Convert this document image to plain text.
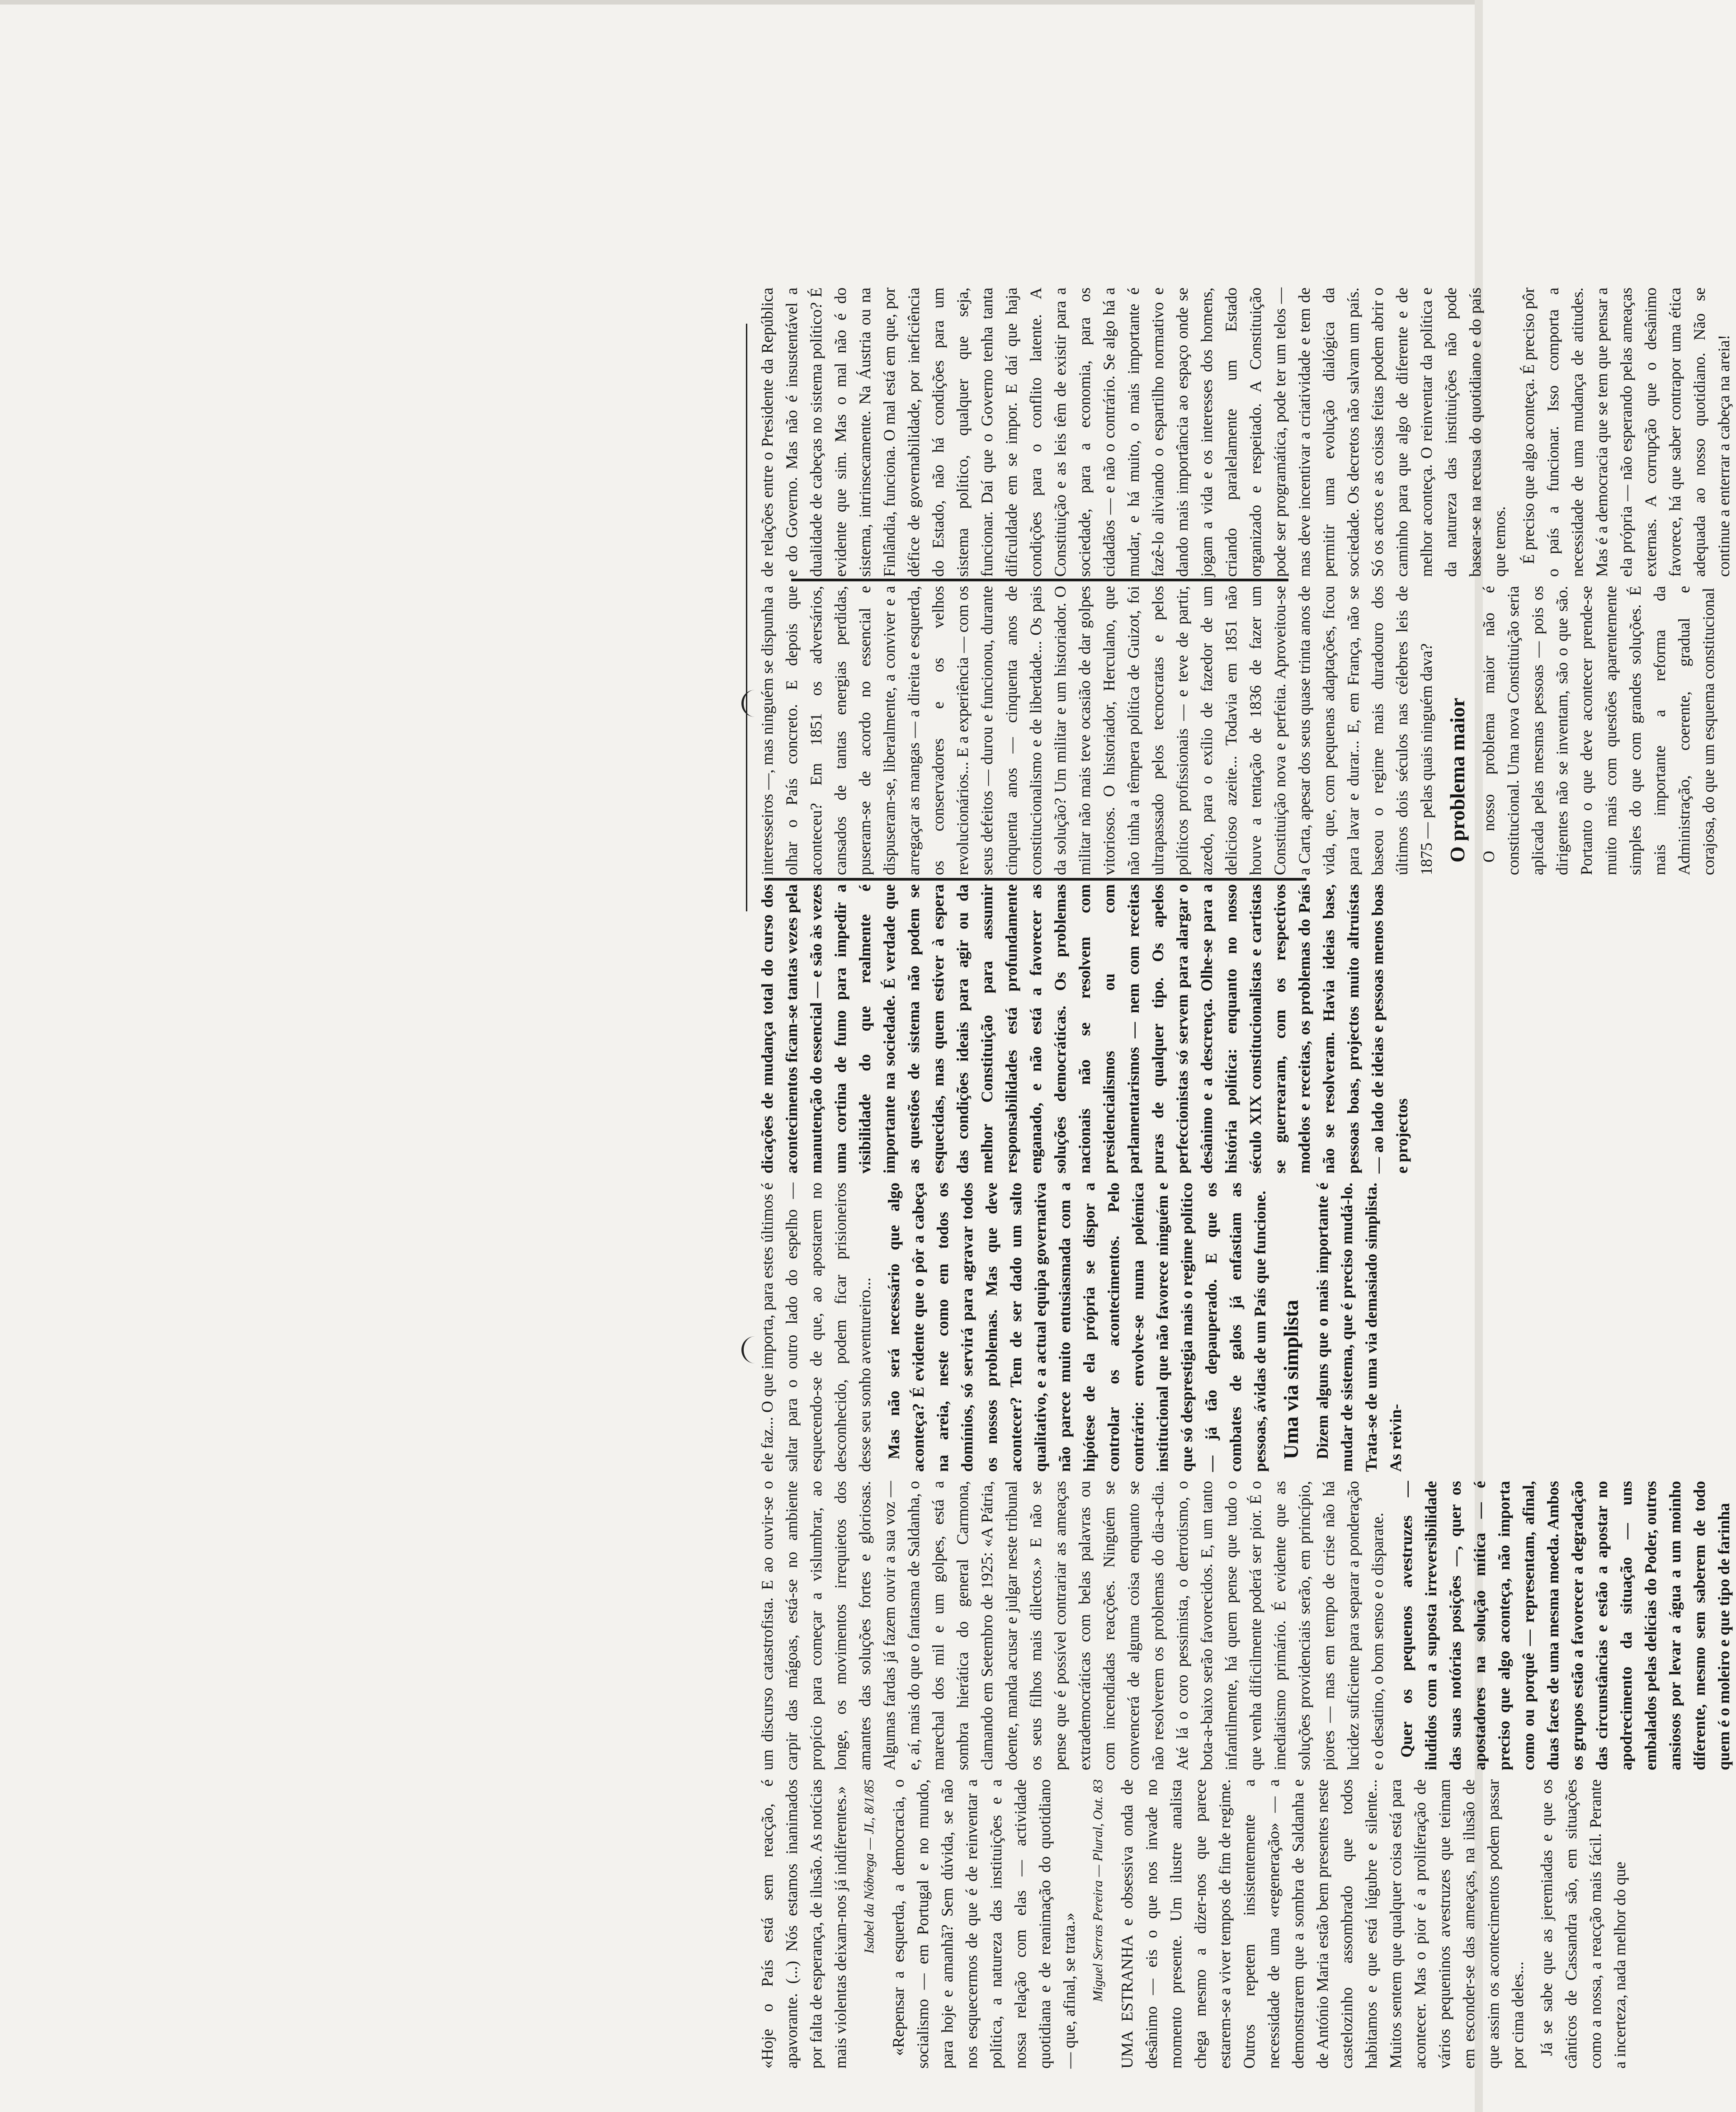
«Hoje o País está sem reacção, é apavorante. (...) Nós estamos inanimados por falta de esperança, de ilusão. As notícias mais violentas deixam-nos já indiferentes.» Isabel da Nóbrega — JL, 8/1/85 «Repensar a esquerda, a democracia, o socialismo — em Portugal e no mundo, para hoje e amanhã? Sem dúvida, se não nos esquecermos de que é de reinventar a política, a natureza das instituições e a nossa relação com elas — actividade quotidiana e de reanimação do quotidiano — que, afinal, se trata.» Miguel Serras Pereira — Plural, Out. 83 UMA ESTRANHA e obsessiva onda de desânimo — eis o que nos invade no momento presente. Um ilustre analista chega mesmo a dizer-nos que parece estarem-se a viver tempos de fim de regime. Outros repetem insistentemente a necessidade de uma «regeneração» — a demonstrarem que a sombra de Saldanha e de António Maria estão bem presentes neste castelozinho assombrado que todos habitamos e que está lúgubre e silente... Muitos sentem que qualquer coisa está para acontecer. Mas o pior é a proliferação de vários pequeninos avestruzes que teimam em esconder-se das ameaças, na ilusão de que assim os acontecimentos podem passar por cima deles... Já se sabe que as jeremiadas e que os cânticos de Cassandra são, em situações como a nossa, a reacção mais fácil. Perante a incerteza, nada melhor do que

um discurso catastrofista. E ao ouvir-se o carpir das mágoas, está-se no ambiente propício para começar a vislumbrar, ao longe, os movimentos irrequietos dos amantes das soluções fortes e gloriosas. Algumas fardas já fazem ouvir a sua voz — e, aí, mais do que o fantasma de Saldanha, o marechal dos mil e um golpes, está a sombra hierática do general Carmona, clamando em Setembro de 1925: «A Pátria, doente, manda acusar e julgar neste tribunal os seus filhos mais dilectos.» E não se pense que é possível contrariar as ameaças extrademocráticas com belas palavras ou com incendiadas reacções. Ninguém se convencerá de alguma coisa enquanto se não resolverem os problemas do dia-a-dia. Até lá o coro pessimista, o derrotismo, o bota-a-baixo serão favorecidos. E, um tanto infantilmente, há quem pense que tudo o que venha dificilmente poderá ser pior. É o imediatismo primário. É evidente que as soluções providenciais serão, em princípio, piores — mas em tempo de crise não há lucidez suficiente para separar a ponderação e o desatino, o bom senso e o disparate. Quer os pequenos avestruzes — iludidos com a suposta irreversibilidade das suas notórias posições —, quer os apostadores na solução mítica — é preciso que algo aconteça, não importa como ou porquê — representam, afinal, duas faces de uma mesma moeda. Ambos os grupos estão a favorecer a degradação das circunstâncias e estão a apostar no apodrecimento da situação — uns embalados pelas delícias do Poder, outros ansiosos por levar a água a um moinho diferente, mesmo sem saberem de todo quem é o moleiro e que tipo de farinha

ele faz... O que importa, para estes últimos é saltar para o outro lado do espelho — esquecendo-se de que, ao apostarem no desconhecido, podem ficar prisioneiros desse seu sonho aventureiro... Mas não será necessário que algo aconteça? É evidente que o pôr a cabeça na areia, neste como em todos os domínios, só servirá para agravar todos os nossos problemas. Mas que deve acontecer? Tem de ser dado um salto qualitativo, e a actual equipa governativa não parece muito entusiasmada com a hipótese de ela própria se dispor a controlar os acontecimentos. Pelo contrário: envolve-se numa polémica institucional que não favorece ninguém e que só desprestigia mais o regime político — já tão depauperado. E que os combates de galos já enfastiam as pessoas, ávidas de um País que funcione. Uma via simplista Dizem alguns que o mais importante é mudar de sistema, que é preciso mudá-lo. Trata-se de uma via demasiado simplista. As reivin-

dicações de mudança total do curso dos acontecimentos ficam-se tantas vezes pela manutenção do essencial — e são às vezes uma cortina de fumo para impedir a visibilidade do que realmente é importante na sociedade. É verdade que as questões de sistema não podem se esquecidas, mas quem estiver à espera das condições ideais para agir ou da melhor Constituição para assumir responsabilidades está profundamente enganado, e não está a favorecer as soluções democráticas. Os problemas nacionais não se resolvem com presidencialismos ou com parlamentarismos — nem com receitas puras de qualquer tipo. Os apelos perfeccionistas só servem para alargar o desânimo e a descrença. Olhe-se para a história política: enquanto no nosso século XIX constitucionalistas e cartistas se guerrearam, com os respectivos modelos e receitas, os problemas do País não se resolveram. Havia ideias base, pessoas boas, projectos muito altruístas — ao lado de ideias e pessoas menos boas e projectos

interesseiros —, mas ninguém se dispunha a olhar o País concreto. E depois que aconteceu? Em 1851 os adversários, cansados de tantas energias perdidas, puseram-se de acordo no essencial e dispuseram-se, liberalmente, a conviver e a arregaçar as mangas — a direita e esquerda, os conservadores e os velhos revolucionários... E a experiência — com os seus defeitos — durou e funcionou, durante cinquenta anos — cinquenta anos de constitucionalismo e de liberdade... Os pais da solução? Um militar e um historiador. O militar não mais teve ocasião de dar golpes vitoriosos. O historiador, Herculano, que não tinha a têmpera política de Guizot, foi ultrapassado pelos tecnocratas e pelos políticos profissionais — e teve de partir, azedo, para o exílio de fazedor de um delicioso azeite... Todavia em 1851 não houve a tentação de 1836 de fazer um Constituição nova e perfeita. Aproveitou-se a Carta, apesar dos seus quase trinta anos de vida, que, com pequenas adaptações, ficou para lavar e durar... E, em França, não se baseou o regime mais duradouro dos últimos dois séculos nas célebres leis de 1875 — pelas quais ninguém dava? O problema maior O nosso problema maior não é constitucional. Uma nova Constituição seria aplicada pelas mesmas pessoas — pois os dirigentes não se inventam, são o que são. Portanto o que deve acontecer prende-se muito mais com questões aparentemente simples do que com grandes soluções. É mais importante a reforma da Administração, coerente, gradual e corajosa, do que um esquema constitucional

de relações entre o Presidente da República e do Governo. Mas não é insustentável a dualidade de cabeças no sistema político? É evidente que sim. Mas o mal não é do sistema, intrinsecamente. Na Áustria ou na Finlândia, funciona. O mal está em que, por défice de governabilidade, por ineficiência do Estado, não há condições para um sistema político, qualquer que seja, funcionar. Daí que o Governo tenha tanta dificuldade em se impor. E daí que haja condições para o conflito latente. A Constituição e as leis têm de existir para a sociedade, para a economia, para os cidadãos — e não o contrário. Se algo há a mudar, e há muito, o mais importante é fazê-lo aliviando o espartilho normativo e dando mais importância ao espaço onde se jogam a vida e os interesses dos homens, criando paralelamente um Estado organizado e respeitado. A Constituição pode ser programática, pode ter um telos — mas deve incentivar a criatividade e tem de permitir uma evolução dialógica da sociedade. Os decretos não salvam um país. Só os actos e as coisas feitas podem abrir o caminho para que algo de diferente e de melhor aconteça. O reinventar da política e da natureza das instituições não pode basear-se na recusa do quotidiano e do país que temos. É preciso que algo aconteça. É preciso pôr o país a funcionar. Isso comporta a necessidade de uma mudança de atitudes. Mas é a democracia que se tem que pensar a ela própria — não esperando pelas ameaças externas. A corrupção que o desânimo favorece, há que saber contrapor uma ética adequada ao nosso quotidiano. Não se continue a enterrar a cabeça na areia!
